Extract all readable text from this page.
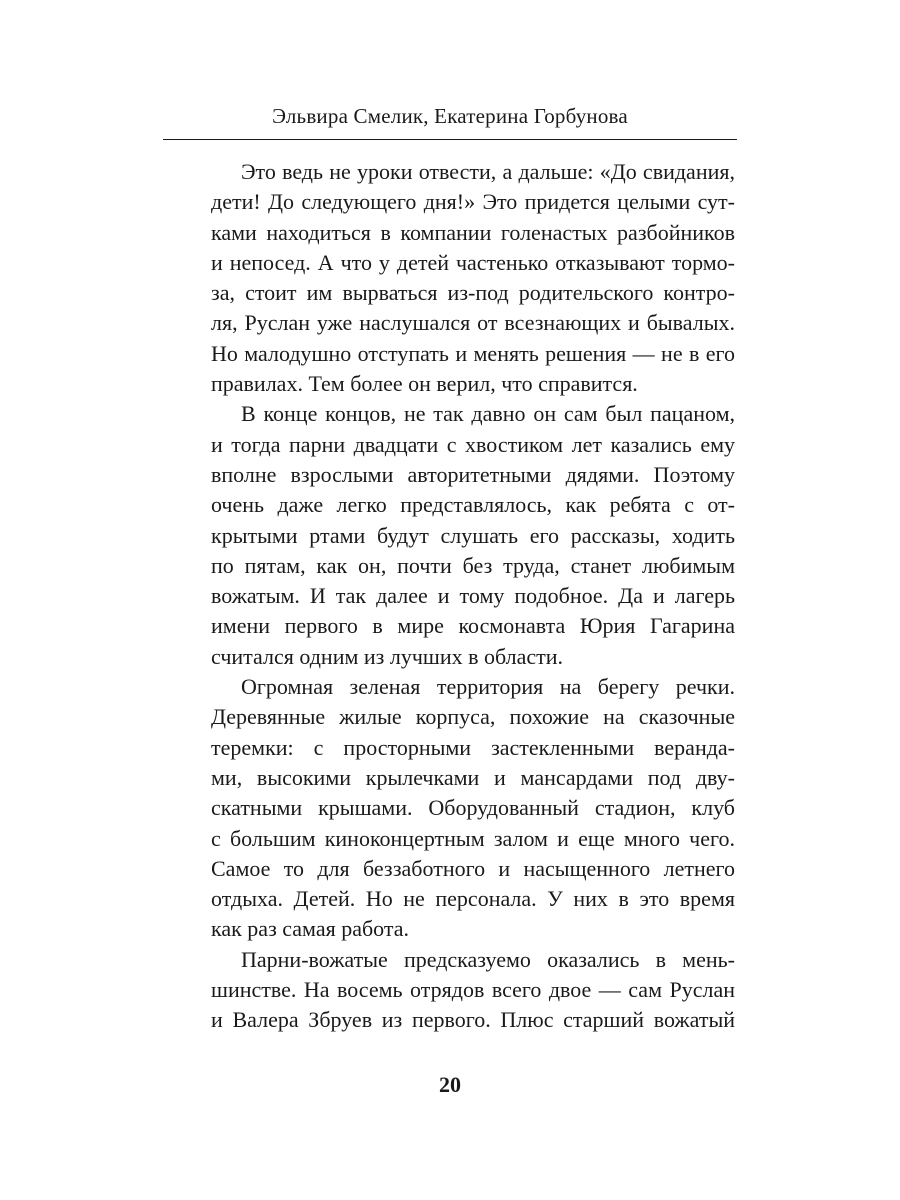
Эльвира Смелик, Екатерина Горбунова
Это ведь не уроки отвести, а дальше: «До свидания,
дети! До следующего дня!» Это придется целыми сут-
ками находиться в компании голенастых разбойников
и непосед. А что у детей частенько отказывают тормо-
за, стоит им вырваться из-под родительского контро-
ля, Руслан уже наслушался от всезнающих и бывалых.
Но малодушно отступать и менять решения — не в его
правилах. Тем более он верил, что справится.
В конце концов, не так давно он сам был пацаном,
и тогда парни двадцати с хвостиком лет казались ему
вполне взрослыми авторитетными дядями. Поэтому
очень даже легко представлялось, как ребята с от-
крытыми ртами будут слушать его рассказы, ходить
по пятам, как он, почти без труда, станет любимым
вожатым. И так далее и тому подобное. Да и лагерь
имени первого в мире космонавта Юрия Гагарина
считался одним из лучших в области.
Огромная зеленая территория на берегу речки.
Деревянные жилые корпуса, похожие на сказочные
теремки: с просторными застекленными веранда-
ми, высокими крылечками и мансардами под дву-
скатными крышами. Оборудованный стадион, клуб
с большим киноконцертным залом и еще много чего.
Самое то для беззаботного и насыщенного летнего
отдыха. Детей. Но не персонала. У них в это время
как раз самая работа.
Парни-вожатые предсказуемо оказались в мень-
шинстве. На восемь отрядов всего двое — сам Руслан
и Валера Збруев из первого. Плюс старший вожатый
20
